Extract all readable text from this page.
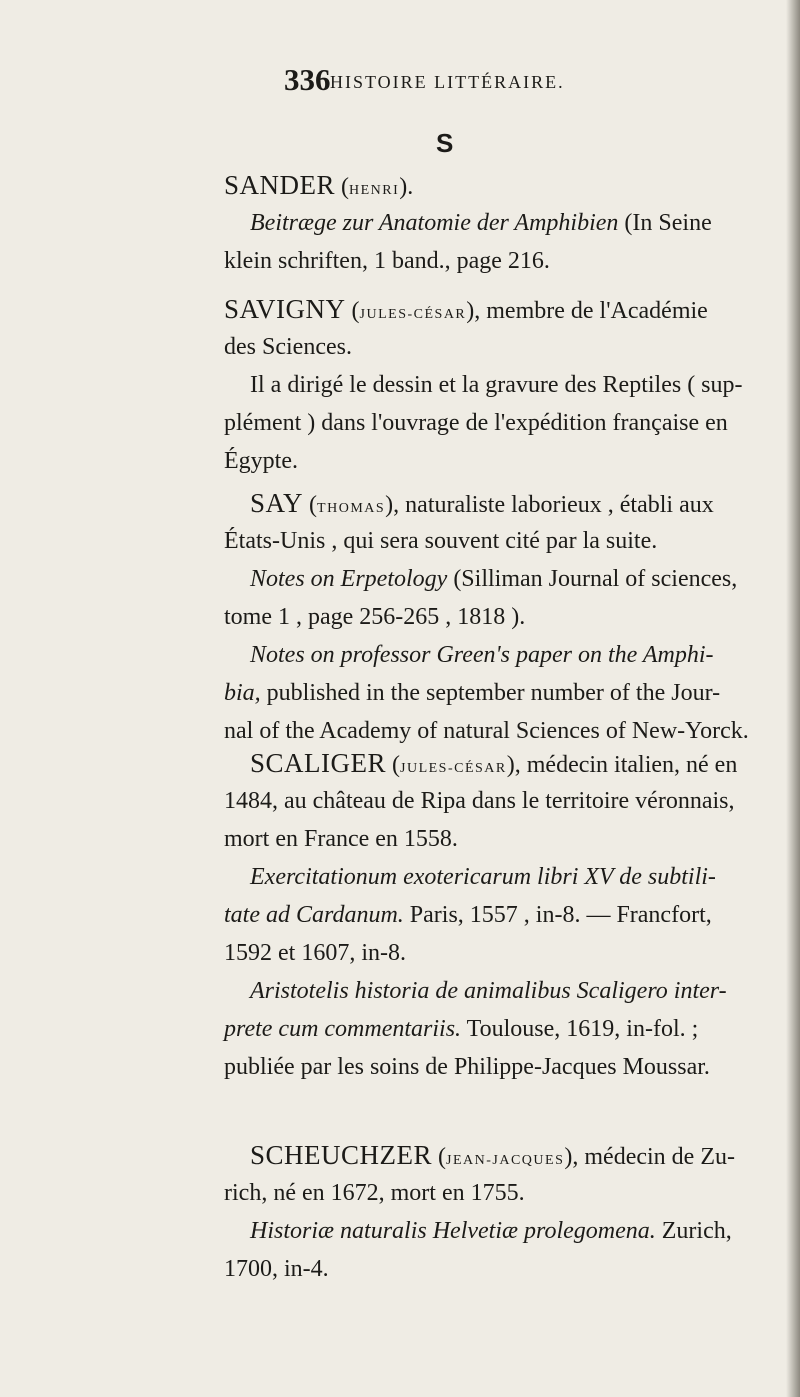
336 HISTOIRE LITTÉRAIRE.
S
SANDER (HENRI).
Beitræge zur Anatomie der Amphibien (In Seine
klein schriften, 1 band., page 216.
SAVIGNY (JULES-CÉSAR), membre de l'Académie
des Sciences.
Il a dirigé le dessin et la gravure des Reptiles ( sup-
plément ) dans l'ouvrage de l'expédition française en
Égypte.
SAY (THOMAS), naturaliste laborieux , établi aux
États-Unis , qui sera souvent cité par la suite.
Notes on Erpetology (Silliman Journal of sciences,
tome 1 , page 256-265 , 1818 ).
Notes on professor Green's paper on the Amphi-
bia, published in the september number of the Jour-
nal of the Academy of natural Sciences of New-Yorck.
SCALIGER (JULES-CÉSAR), médecin italien, né en
1484, au château de Ripa dans le territoire véronnais,
mort en France en 1558.
Exercitationum exotericarum libri XV de subtili-
tate ad Cardanum. Paris, 1557 , in-8. — Francfort,
1592 et 1607, in-8.
Aristotelis historia de animalibus Scaligero inter-
prete cum commentariis. Toulouse, 1619, in-fol. ;
publiée par les soins de Philippe-Jacques Moussar.
SCHEUCHZER (JEAN-JACQUES), médecin de Zu-
rich, né en 1672, mort en 1755.
Historiæ naturalis Helvetiæ prolegomena. Zurich,
1700, in-4.
